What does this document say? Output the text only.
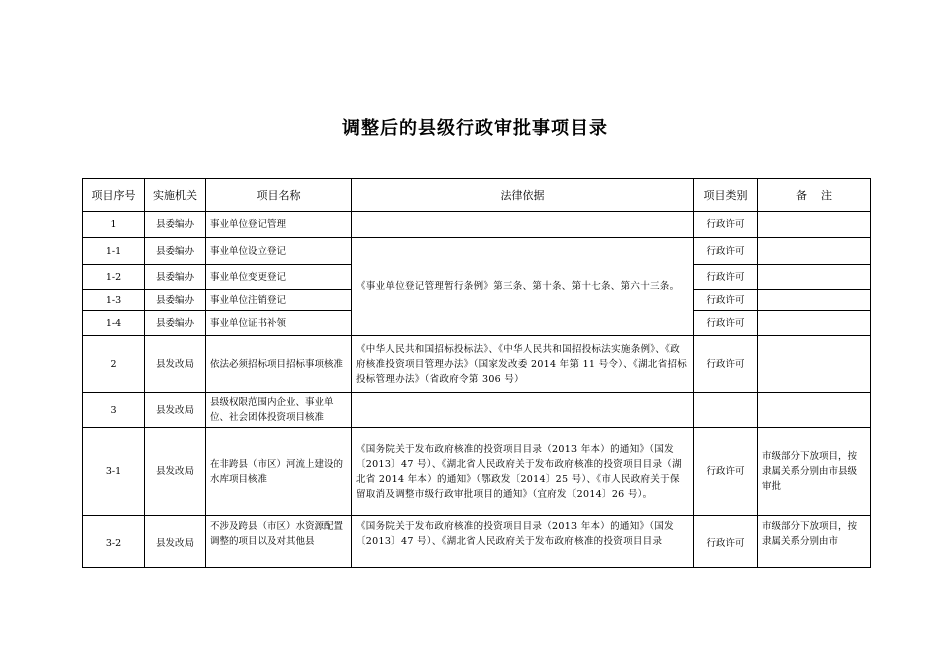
调整后的县级行政审批事项目录
项目序号	实施机关	项目名称	法律依据	项目类别	备    注
1	县委编办	事业单位登记管理		行政许可	
1-1	县委编办	事业单位设立登记	《事业单位登记管理暂行条例》第三条、第十条、第十七条、第六十三条。	行政许可	
1-2	县委编办	事业单位变更登记		行政许可	
1-3	县委编办	事业单位注销登记		行政许可	
1-4	县委编办	事业单位证书补领		行政许可	
2	县发改局	依法必须招标项目招标事项核准	《中华人民共和国招标投标法》、《中华人民共和国招投标法实施条例》、《政府核准投资项目管理办法》（国家发改委 2014 年第 11 号令）、《湖北省招标投标管理办法》（省政府令第 306 号）	行政许可	
3	县发改局	县级权限范围内企业、事业单位、社会团体投资项目核准			
3-1	县发改局	在非跨县（市区）河流上建设的水库项目核准	《国务院关于发布政府核准的投资项目目录（2013 年本）的通知》（国发〔2013〕47 号）、《湖北省人民政府关于发布政府核准的投资项目目录（湖北省 2014 年本）的通知》（鄂政发〔2014〕25 号）、《市人民政府关于保留取消及调整市级行政审批项目的通知》（宜府发〔2014〕26 号）。	行政许可	市级部分下放项目，按隶属关系分别由市县级审批
3-2	县发改局	不涉及跨县（市区）水资源配置调整的项目以及对其他县	《国务院关于发布政府核准的投资项目目录（2013 年本）的通知》（国发〔2013〕47 号）、《湖北省人民政府关于发布政府核准的投资项目目录	行政许可	市级部分下放项目，按隶属关系分别由市
